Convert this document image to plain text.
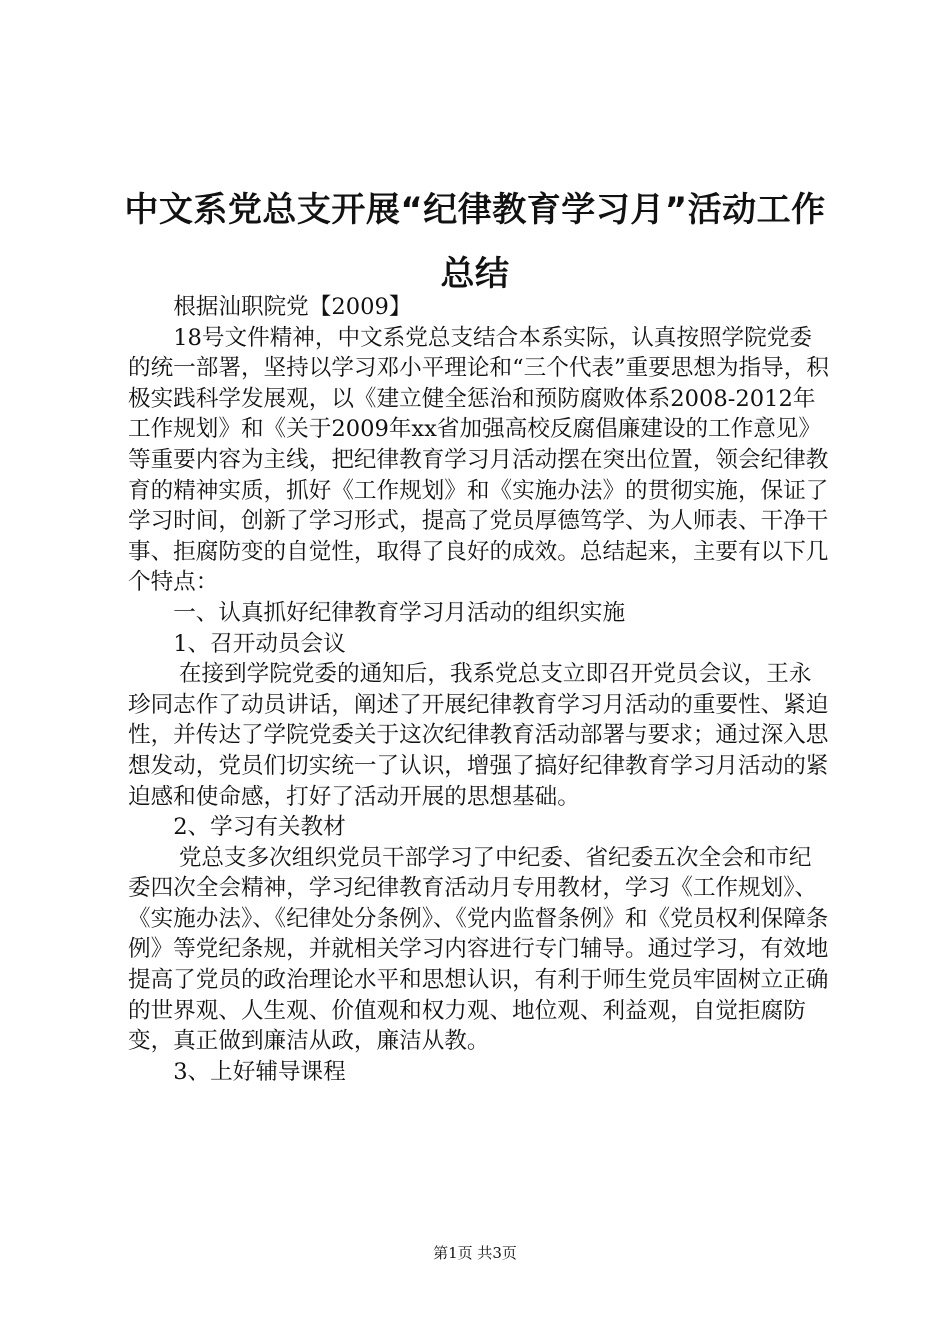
中文系党总支开展“纪律教育学习月”活动工作总结

根据汕职院党【2009】

18号文件精神，中文系党总支结合本系实际，认真按照学院党委的统一部署，坚持以学习邓小平理论和“三个代表”重要思想为指导，积极实践科学发展观，以《建立健全惩治和预防腐败体系2008-2012年工作规划》和《关于2009年xx省加强高校反腐倡廉建设的工作意见》等重要内容为主线，把纪律教育学习月活动摆在突出位置，领会纪律教育的精神实质，抓好《工作规划》和《实施办法》的贯彻实施，保证了学习时间，创新了学习形式，提高了党员厚德笃学、为人师表、干净干事、拒腐防变的自觉性，取得了良好的成效。总结起来，主要有以下几个特点：

一、认真抓好纪律教育学习月活动的组织实施

1、召开动员会议

在接到学院党委的通知后，我系党总支立即召开党员会议，王永珍同志作了动员讲话，阐述了开展纪律教育学习月活动的重要性、紧迫性，并传达了学院党委关于这次纪律教育活动部署与要求；通过深入思想发动，党员们切实统一了认识，增强了搞好纪律教育学习月活动的紧迫感和使命感，打好了活动开展的思想基础。

2、学习有关教材

党总支多次组织党员干部学习了中纪委、省纪委五次全会和市纪委四次全会精神，学习纪律教育活动月专用教材，学习《工作规划》、《实施办法》、《纪律处分条例》、《党内监督条例》和《党员权利保障条例》等党纪条规，并就相关学习内容进行专门辅导。通过学习，有效地提高了党员的政治理论水平和思想认识，有利于师生党员牢固树立正确的世界观、人生观、价值观和权力观、地位观、利益观，自觉拒腐防变，真正做到廉洁从政，廉洁从教。

3、上好辅导课程

第1页 共3页
